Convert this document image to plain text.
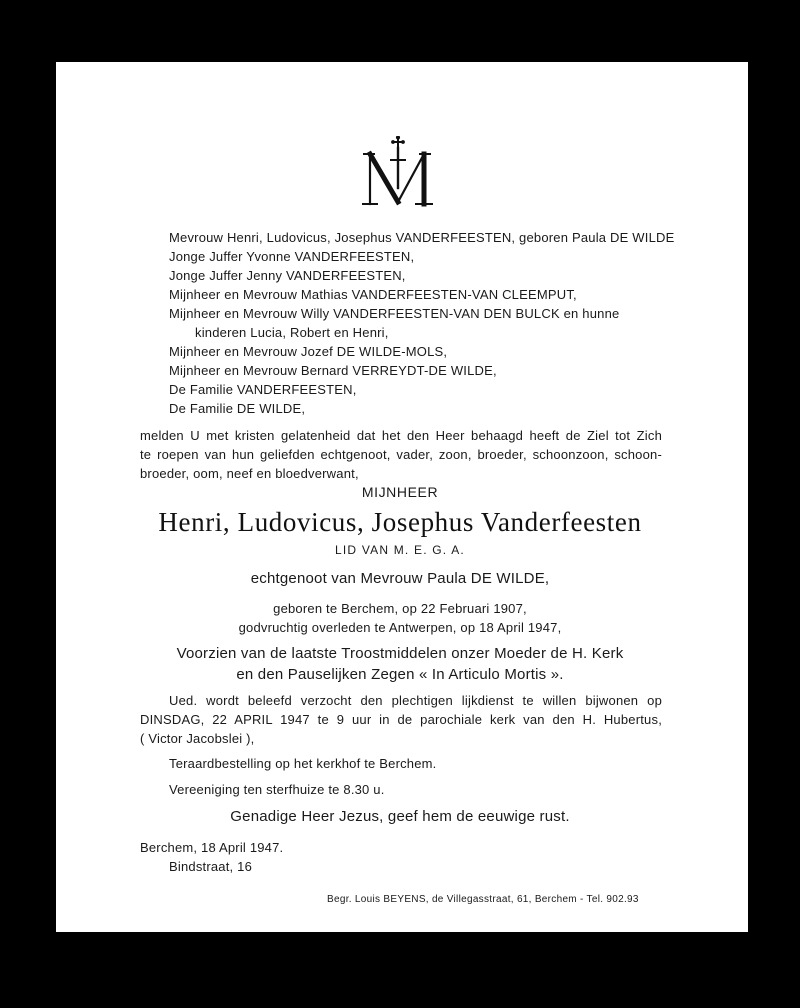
Mevrouw Henri, Ludovicus, Josephus VANDERFEESTEN, geboren Paula DE WILDE
Jonge Juffer Yvonne VANDERFEESTEN,
Jonge Juffer Jenny VANDERFEESTEN,
Mijnheer en Mevrouw Mathias VANDERFEESTEN-VAN CLEEMPUT,
Mijnheer en Mevrouw Willy VANDERFEESTEN-VAN DEN BULCK en hunne
kinderen Lucia, Robert en Henri,
Mijnheer en Mevrouw Jozef DE WILDE-MOLS,
Mijnheer en Mevrouw Bernard VERREYDT-DE WILDE,
De Familie VANDERFEESTEN,
De Familie DE WILDE,
melden U met kristen gelatenheid dat het den Heer behaagd heeft de Ziel tot Zich
te roepen van hun geliefden echtgenoot, vader, zoon, broeder, schoonzoon, schoon-
broeder, oom, neef en bloedverwant,
MIJNHEER
Henri, Ludovicus, Josephus Vanderfeesten
LID VAN M. E. G. A.
echtgenoot van Mevrouw Paula DE WILDE,
geboren te Berchem, op 22 Februari 1907,
godvruchtig overleden te Antwerpen, op 18 April 1947,
Voorzien van de laatste Troostmiddelen onzer Moeder de H. Kerk
en den Pauselijken Zegen « In Articulo Mortis ».
Ued. wordt beleefd verzocht den plechtigen lijkdienst te willen bijwonen op
DINSDAG, 22 APRIL 1947 te 9 uur in de parochiale kerk van den H. Hubertus,
( Victor Jacobslei ),
Teraardbestelling op het kerkhof te Berchem.
Vereeniging ten sterfhuize te 8.30 u.
Genadige Heer Jezus, geef hem de eeuwige rust.
Berchem, 18 April 1947.
Bindstraat, 16
Begr. Louis BEYENS, de Villegasstraat, 61, Berchem - Tel. 902.93
